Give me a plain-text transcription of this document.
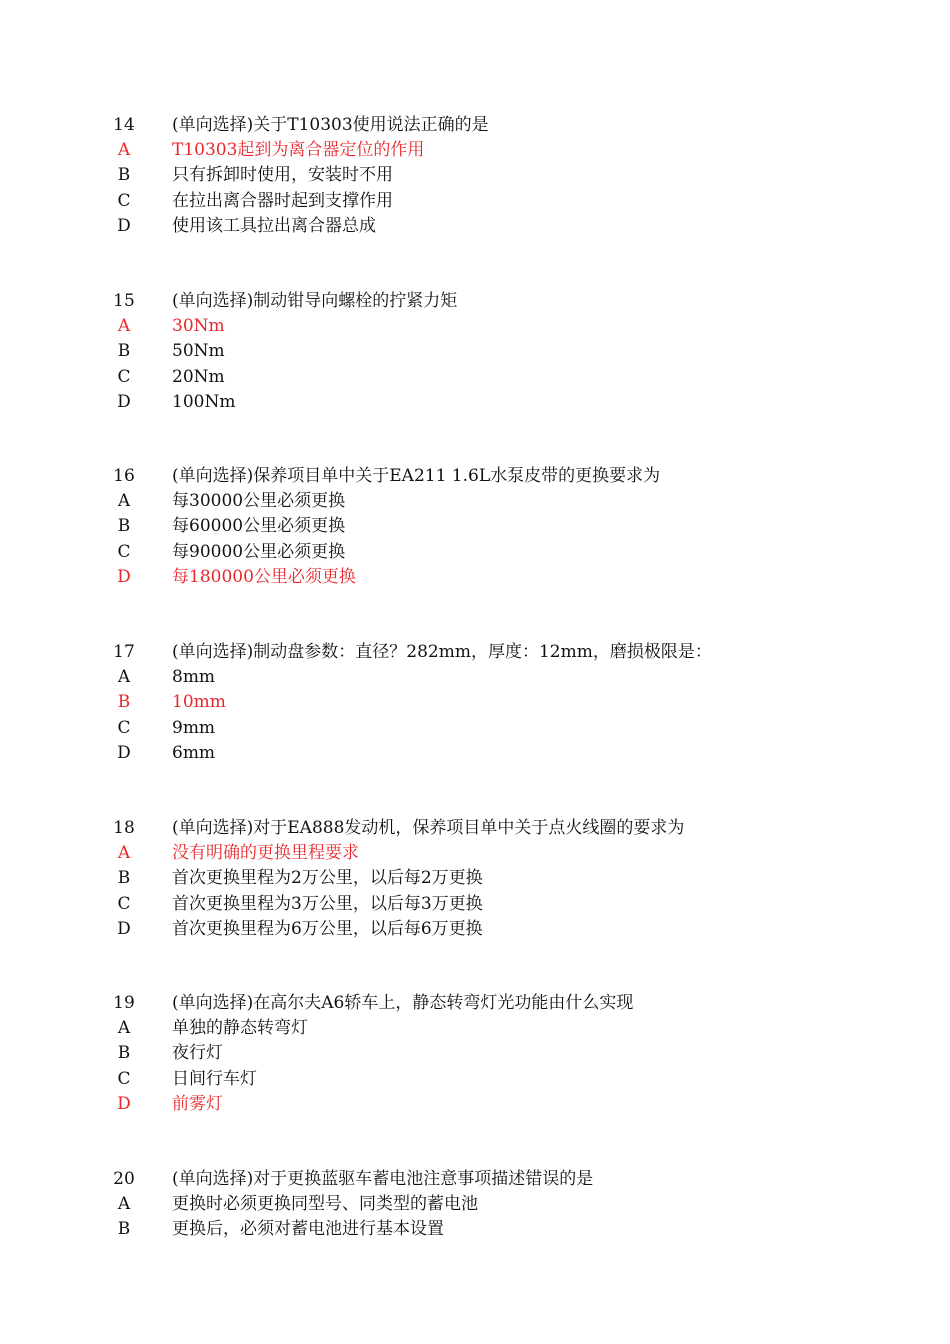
14	(单向选择)关于T10303使用说法正确的是
A	T10303起到为离合器定位的作用
B	只有拆卸时使用，安装时不用
C	在拉出离合器时起到支撑作用
D	使用该工具拉出离合器总成
15	(单向选择)制动钳导向螺栓的拧紧力矩
A	30Nm
B	50Nm
C	20Nm
D	100Nm
16	(单向选择)保养项目单中关于EA211 1.6L水泵皮带的更换要求为
A	每30000公里必须更换
B	每60000公里必须更换
C	每90000公里必须更换
D	每180000公里必须更换
17	(单向选择)制动盘参数：直径？282mm，厚度：12mm，磨损极限是：
A	8mm
B	10mm
C	9mm
D	6mm
18	(单向选择)对于EA888发动机，保养项目单中关于点火线圈的要求为
A	没有明确的更换里程要求
B	首次更换里程为2万公里，以后每2万更换
C	首次更换里程为3万公里，以后每3万更换
D	首次更换里程为6万公里，以后每6万更换
19	(单向选择)在高尔夫A6轿车上，静态转弯灯光功能由什么实现
A	单独的静态转弯灯
B	夜行灯
C	日间行车灯
D	前雾灯
20	(单向选择)对于更换蓝驱车蓄电池注意事项描述错误的是
A	更换时必须更换同型号、同类型的蓄电池
B	更换后，必须对蓄电池进行基本设置
